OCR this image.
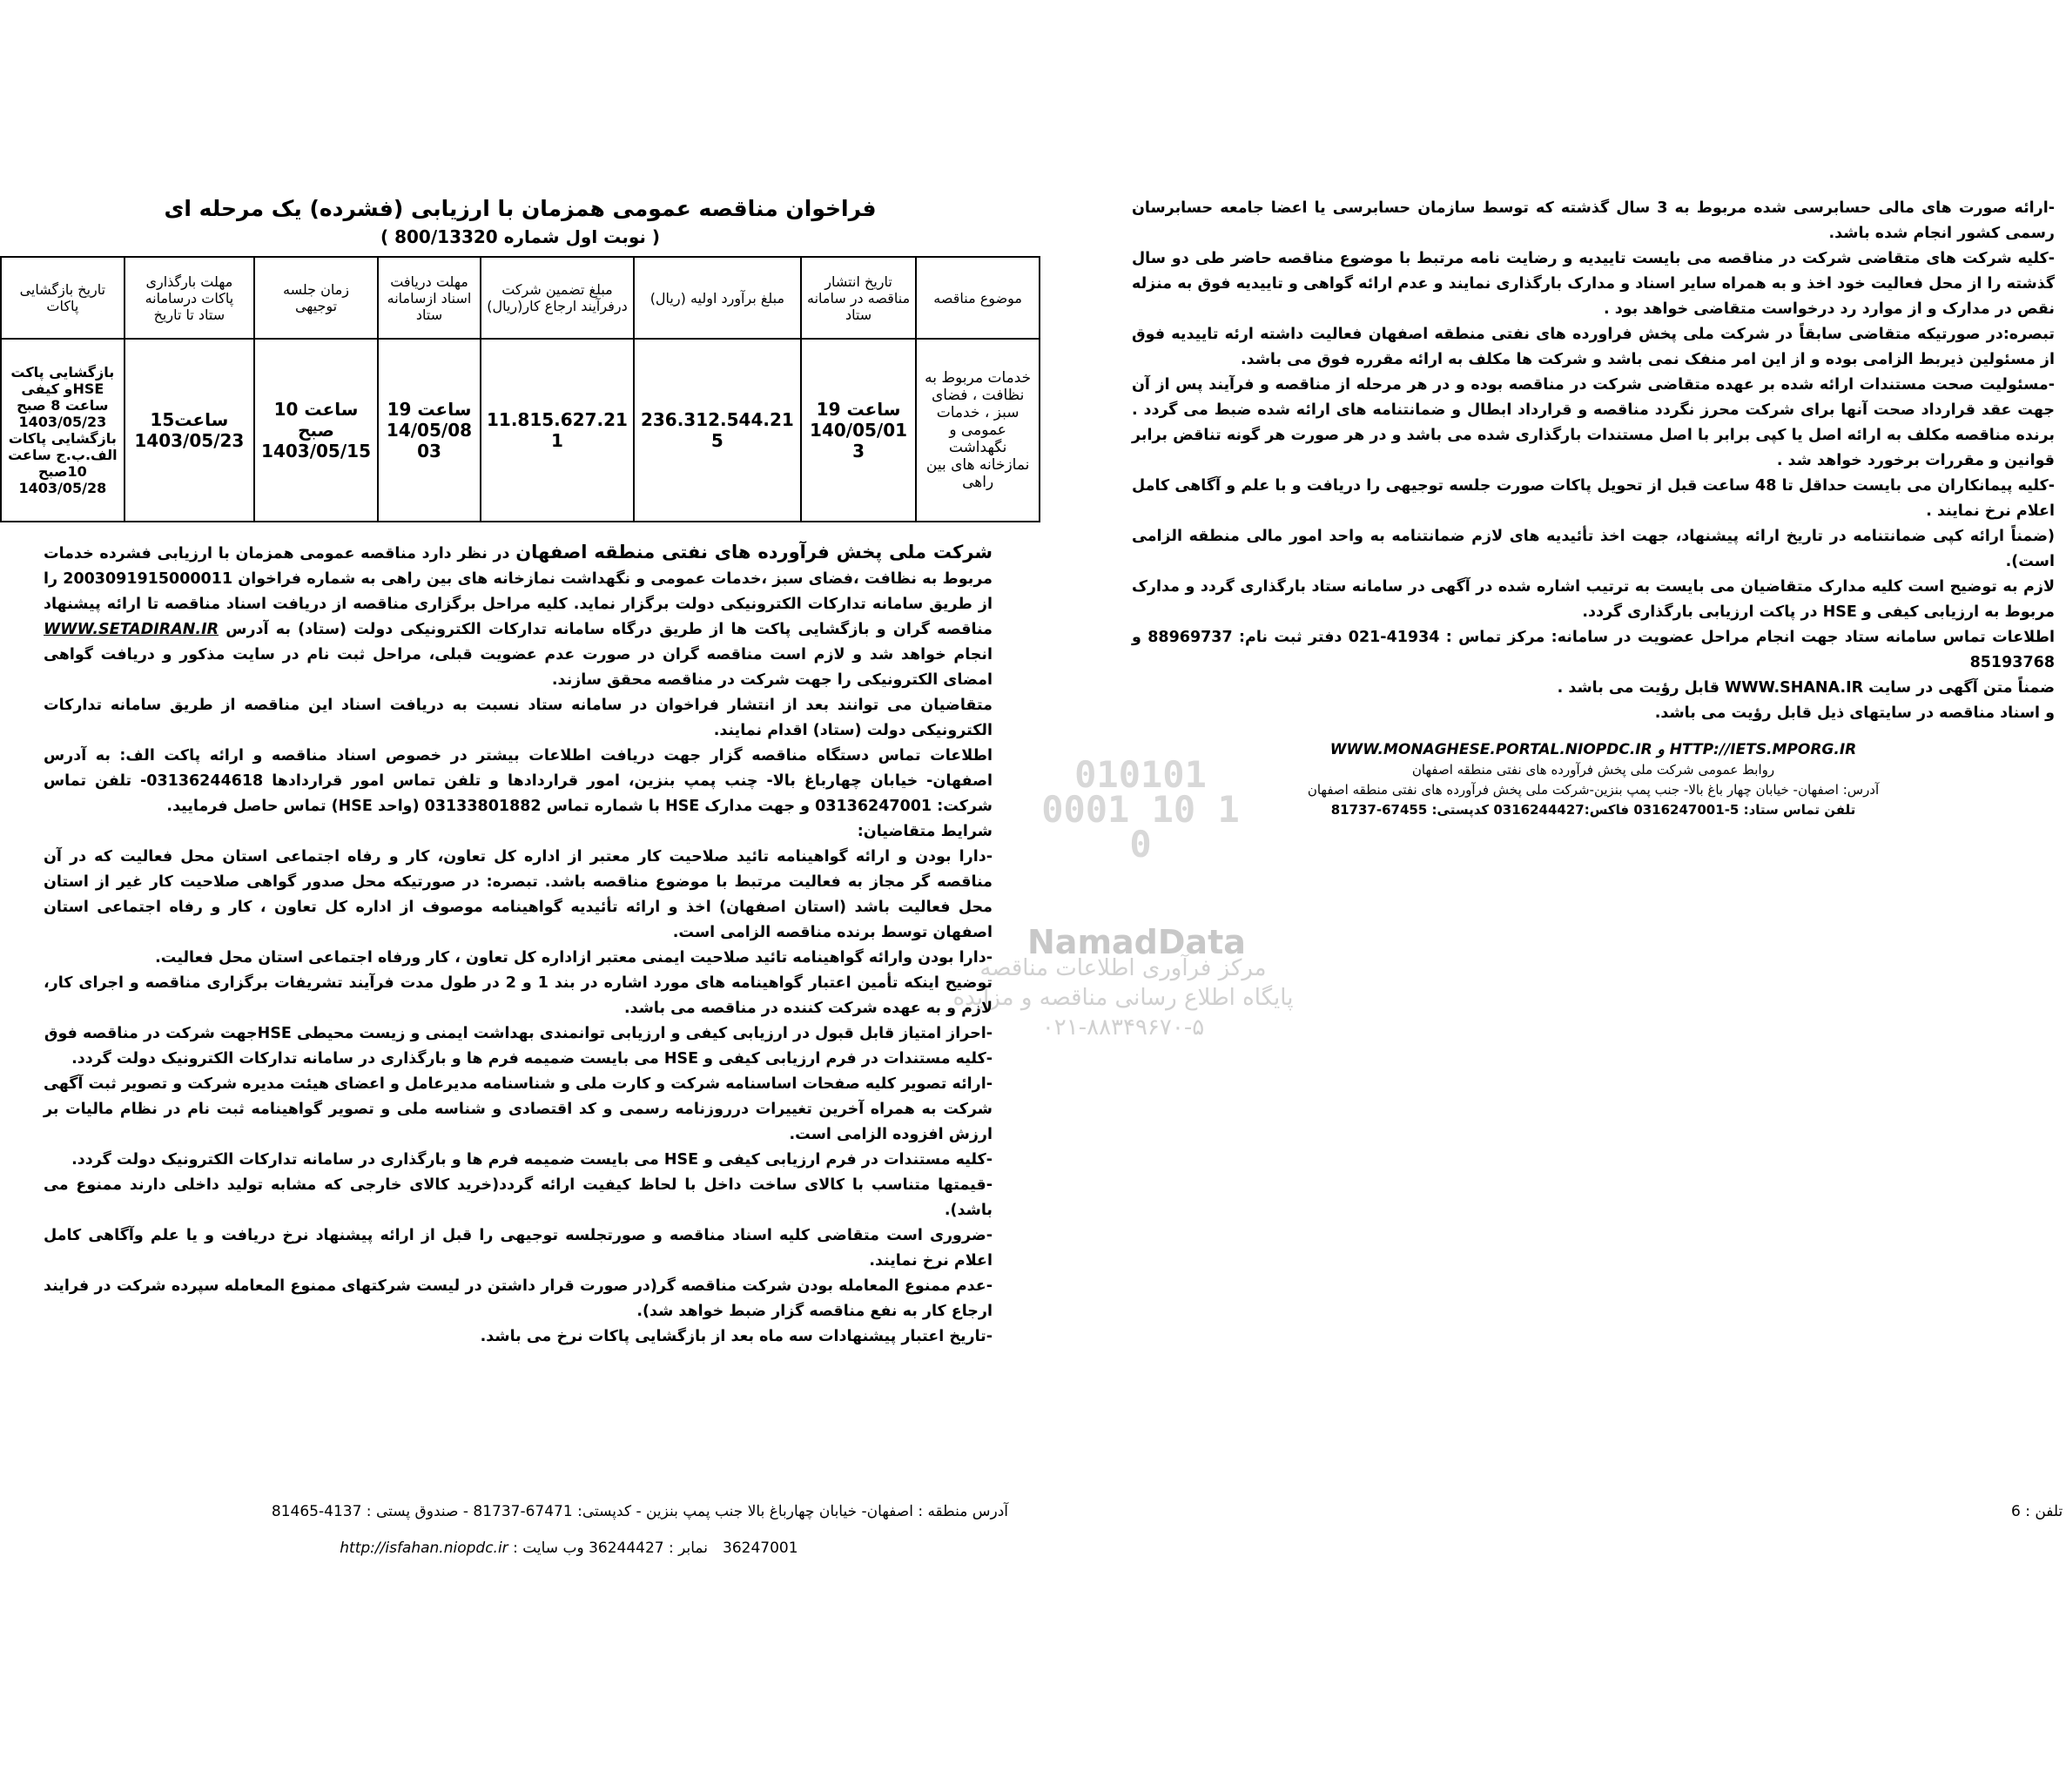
010101 0001 10 1 0
NamadData
مرکز فرآوری اطلاعات مناقصه
پایگاه اطلاع رسانی مناقصه و مزایده
۰۲۱-۸۸۳۴۹۶۷۰-۵
فراخوان مناقصه عمومی همزمان با ارزیابی (فشرده) یک مرحله ای
( نوبت اول شماره 800/13320 )
موضوع مناقصه	تاریخ انتشار مناقصه در سامانه ستاد	مبلغ برآورد اولیه (ریال)	مبلغ تضمین شرکت درفرآیند ارجاع کار(ریال)	مهلت دریافت اسناد ازسامانه ستاد	زمان جلسه توجیهی	مهلت بارگذاری پاکات درسامانه ستاد تا تاریخ	تاریخ بازگشایی پاکات
خدمات مربوط به نظافت ، فضای سبز ، خدمات عمومی و نگهداشت نمازخانه های بین راهی	ساعت 19 140/05/01 3	236.312.544.21 5	11.815.627.21 1	ساعت 19 14/05/08 03	ساعت 10 صبح 1403/05/15	ساعت15 1403/05/23	بازگشایی پاکت HSEو کیفی ساعت 8 صبح 1403/05/23 بازگشایی پاکات الف.ب.ج ساعت 10صبح 1403/05/28

شرکت ملی پخش فرآورده های نفتی منطقه اصفهان در نظر دارد مناقصه عمومی همزمان با ارزیابی فشرده خدمات مربوط به نظافت ،فضای سبز ،خدمات عمومی و نگهداشت نمازخانه های بین راهی به شماره فراخوان 2003091915000011 را از طریق سامانه تدارکات الکترونیکی دولت برگزار نماید. کلیه مراحل برگزاری مناقصه از دریافت اسناد مناقصه تا ارائه پیشنهاد مناقصه گران و بازگشایی پاکت ها از طریق درگاه سامانه تدارکات الکترونیکی دولت (ستاد) به آدرس WWW.SETADIRAN.IR انجام خواهد شد و لازم است مناقصه گران در صورت عدم عضویت قبلی، مراحل ثبت نام در سایت مذکور و دریافت گواهی امضای الکترونیکی را جهت شرکت در مناقصه محقق سازند.

متقاضیان می توانند بعد از انتشار فراخوان در سامانه ستاد نسبت به دریافت اسناد این مناقصه از طریق سامانه تدارکات الکترونیکی دولت (ستاد) اقدام نمایند.

اطلاعات تماس دستگاه مناقصه گزار جهت دریافت اطلاعات بیشتر در خصوص اسناد مناقصه و ارائه پاکت الف: به آدرس اصفهان- خیابان چهارباغ بالا- چنب پمپ بنزین، امور قراردادها و تلفن تماس امور قراردادها 03136244618- تلفن تماس شرکت: 03136247001 و جهت مدارک HSE با شماره تماس 03133801882 (واحد HSE) تماس حاصل فرمایید.

شرایط متقاضیان:

-دارا بودن و ارائه گواهینامه تائید صلاحیت کار معتبر از اداره کل تعاون، کار و رفاه اجتماعی استان محل فعالیت که در آن مناقصه گر مجاز به فعالیت مرتبط با موضوع مناقصه باشد. تبصره: در صورتیکه محل صدور گواهی صلاحیت کار غیر از استان محل فعالیت باشد (استان اصفهان) اخذ و ارائه تأئیدیه گواهینامه موصوف از اداره کل تعاون ، کار و رفاه اجتماعی استان اصفهان توسط برنده مناقصه الزامی است.

-دارا بودن وارائه گواهینامه تائید صلاحیت ایمنی معتبر ازاداره کل تعاون ، کار ورفاه اجتماعی استان محل فعالیت.

توضیح اینکه تأمین اعتبار گواهینامه های مورد اشاره در بند 1 و 2 در طول مدت فرآیند تشریفات برگزاری مناقصه و اجرای کار، لازم و به عهده شرکت کننده در مناقصه می باشد.

-احراز امتیاز قابل قبول در ارزیابی کیفی و ارزیابی توانمندی بهداشت ایمنی و زیست محیطی HSEجهت شرکت در مناقصه فوق

-کلیه مستندات در فرم ارزیابی کیفی و HSE می بایست ضمیمه فرم ها و بارگذاری در سامانه تدارکات الکترونیک دولت گردد.

-ارائه تصویر کلیه صفحات اساسنامه شرکت و کارت ملی و شناسنامه مدیرعامل و اعضای هیئت مدیره شرکت و تصویر ثبت آگهی شرکت به همراه آخرین تغییرات درروزنامه رسمی و کد اقتصادی و شناسه ملی و تصویر گواهینامه ثبت نام در نظام مالیات بر ارزش افزوده الزامی است.

-کلیه مستندات در فرم ارزیابی کیفی و HSE می بایست ضمیمه فرم ها و بارگذاری در سامانه تدارکات الکترونیک دولت گردد.

-قیمتها متناسب با کالای ساخت داخل با لحاظ کیفیت ارائه گردد(خرید کالای خارجی که مشابه تولید داخلی دارند ممنوع می باشد).

-ضروری است متقاضی کلیه اسناد مناقصه و صورتجلسه توجیهی را قبل از ارائه پیشنهاد نرخ دریافت و یا علم وآگاهی کامل اعلام نرخ نمایند.

-عدم ممنوع المعامله بودن شرکت مناقصه گر(در صورت قرار داشتن در لیست شرکتهای ممنوع المعامله سپرده شرکت در فرایند ارجاع کار به نفع مناقصه گزار ضبط خواهد شد).

-تاریخ اعتبار پیشنهادات سه ماه بعد از بازگشایی پاکات نرخ می باشد.

-ارائه صورت های مالی حسابرسی شده مربوط به 3 سال گذشته که توسط سازمان حسابرسی یا اعضا جامعه حسابرسان رسمی کشور انجام شده باشد.

-کلیه شرکت های متقاضی شرکت در مناقصه می بایست تاییدیه و رضایت نامه مرتبط با موضوع مناقصه حاضر طی دو سال گذشته را از محل فعالیت خود اخذ و به همراه سایر اسناد و مدارک بارگذاری نمایند و عدم ارائه گواهی و تاییدیه فوق به منزله نقص در مدارک و از موارد رد درخواست متقاضی خواهد بود .

تبصره:در صورتیکه متقاضی سابقاً در شرکت ملی پخش فراورده های نفتی منطقه اصفهان فعالیت داشته ارئه تاییدیه فوق از مسئولین ذیربط الزامی بوده و از این امر منفک نمی باشد و شرکت ها مکلف به ارائه مقرره فوق می باشد.

-مسئولیت صحت مستندات ارائه شده بر عهده متقاضی شرکت در مناقصه بوده و در هر مرحله از مناقصه و فرآیند پس از آن جهت عقد قرارداد صحت آنها برای شرکت محرز نگردد مناقصه و قرارداد ابطال و ضمانتنامه های ارائه شده ضبط می گردد . برنده مناقصه مکلف به ارائه اصل یا کپی برابر با اصل مستندات بارگذاری شده می باشد و در هر صورت هر گونه تناقض برابر قوانین و مقررات برخورد خواهد شد .

-کلیه پیمانکاران می بایست حداقل تا 48 ساعت قبل از تحویل پاکات صورت جلسه توجیهی را دریافت و با علم و آگاهی کامل اعلام نرخ نمایند .

(ضمناً ارائه کپی ضمانتنامه در تاریخ ارائه پیشنهاد، جهت اخذ تأئیدیه های لازم ضمانتنامه به واحد امور مالی منطقه الزامی است).

لازم به توضیح است کلیه مدارک متقاضیان می بایست به ترتیب اشاره شده در آگهی در سامانه ستاد بارگذاری گردد و مدارک مربوط به ارزیابی کیفی و HSE در پاکت ارزیابی بارگذاری گردد.

اطلاعات تماس سامانه ستاد جهت انجام مراحل عضویت در سامانه: مرکز تماس : 41934-021 دفتر ثبت نام: 88969737 و 85193768

ضمناً متن آگهی در سایت WWW.SHANA.IR قابل رؤیت می باشد .

و اسناد مناقصه در سایتهای ذیل قابل رؤیت می باشد.

WWW.MONAGHESE.PORTAL.NIOPDC.IR و HTTP://IETS.MPORG.IR
روابط عمومی شرکت ملی پخش فرآورده های نفتی منطقه اصفهان
آدرس: اصفهان- خیابان چهار باغ بالا- جنب پمپ بنزین-شرکت ملی پخش فرآورده های نفتی منطقه اصفهان
تلفن تماس ستاد: 5-0316247001 فاکس:0316244427 کدپستی: 67455-81737
آدرس منطقه : اصفهان- خیابان چهارباغ بالا جنب پمپ بنزین - کدپستی: 67471-81737 - صندوق پستی : 4137-81465	تلفن : 6
نمابر : 36244427 وب سایت : http://isfahan.niopdc.ir	36247001
